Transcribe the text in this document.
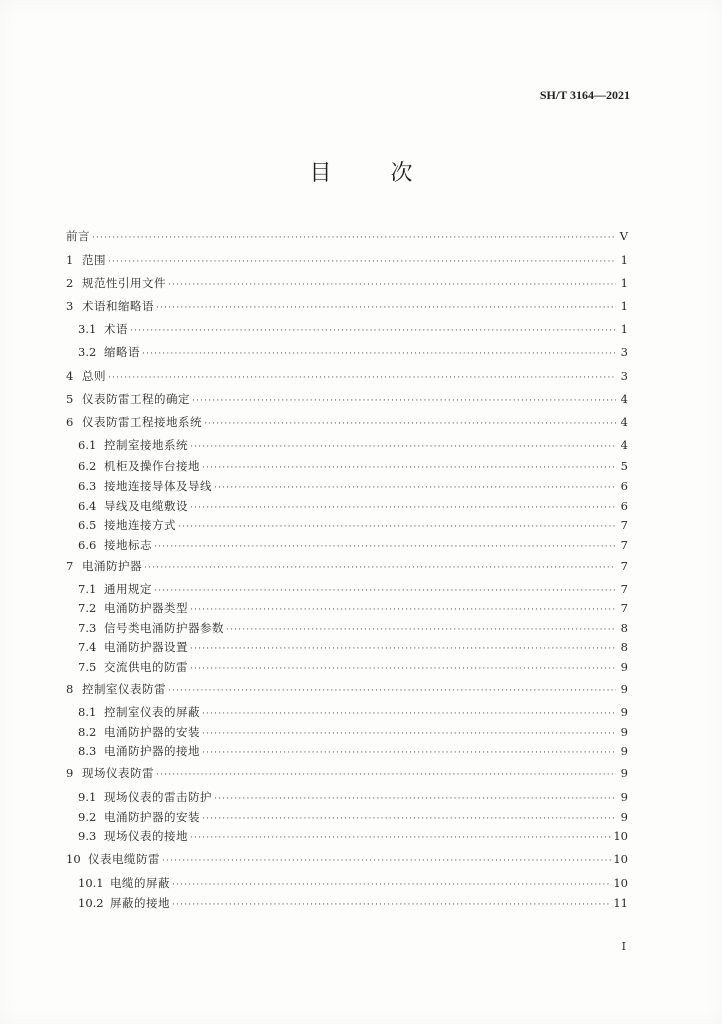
SH/T 3164—2021
目 次
前言 ·····	V
1 范围 ·····	1
2 规范性引用文件 ·····	1
3 术语和缩略语 ·····	1
3.1 术语 ·····	1
3.2 缩略语 ·····	3
4 总则 ·····	3
5 仪表防雷工程的确定 ·····	4
6 仪表防雷工程接地系统 ·····	4
6.1 控制室接地系统 ·····	4
6.2 机柜及操作台接地 ·····	5
6.3 接地连接导体及导线 ·····	6
6.4 导线及电缆敷设 ·····	6
6.5 接地连接方式 ·····	7
6.6 接地标志 ·····	7
7 电涌防护器 ·····	7
7.1 通用规定 ·····	7
7.2 电涌防护器类型 ·····	7
7.3 信号类电涌防护器参数 ·····	8
7.4 电涌防护器设置 ·····	8
7.5 交流供电的防雷 ·····	9
8 控制室仪表防雷 ·····	9
8.1 控制室仪表的屏蔽 ·····	9
8.2 电涌防护器的安装 ·····	9
8.3 电涌防护器的接地 ·····	9
9 现场仪表防雷 ·····	9
9.1 现场仪表的雷击防护 ·····	9
9.2 电涌防护器的安装 ·····	9
9.3 现场仪表的接地 ·····	10
10 仪表电缆防雷 ·····	10
10.1 电缆的屏蔽 ·····	10
10.2 屏蔽的接地 ·····	11
I
